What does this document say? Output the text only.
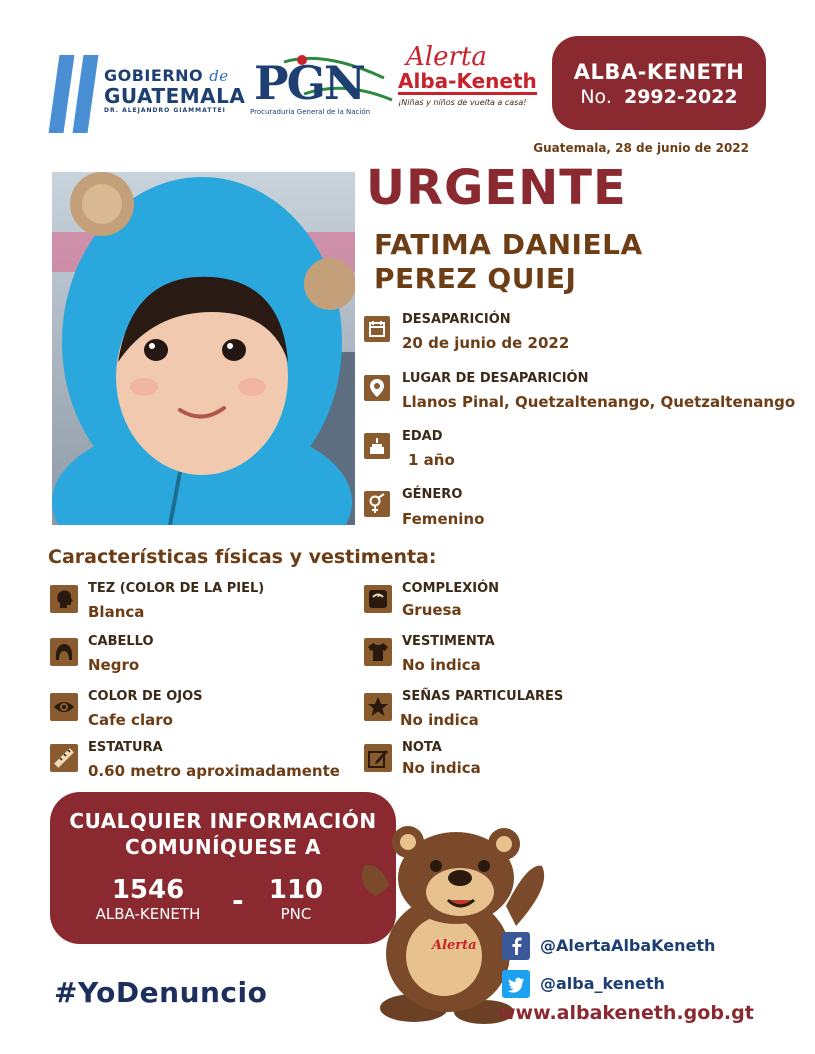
GOBIERNO de
GUATEMALA
DR. ALEJANDRO GIAMMATTEI
PGN
Procuraduría General de la Nación
Alerta
Alba-Keneth
¡Niñas y niños de vuelta a casa!
ALBA-KENETH
No. 2992-2022
Guatemala, 28 de junio de 2022
URGENTE
FATIMA DANIELA
PEREZ QUIEJ
DESAPARICIÓN
20 de junio de 2022
LUGAR DE DESAPARICIÓN
Llanos Pinal, Quetzaltenango, Quetzaltenango
EDAD
1 año
GÉNERO
Femenino
Características físicas y vestimenta:
TEZ (COLOR DE LA PIEL)
Blanca
CABELLO
Negro
COLOR DE OJOS
Cafe claro
ESTATURA
0.60 metro aproximadamente
COMPLEXIÓN
Gruesa
VESTIMENTA
No indica
SEÑAS PARTICULARES
No indica
NOTA
No indica
CUALQUIER INFORMACIÓN
COMUNÍQUESE A
1546
ALBA-KENETH	- 110
PNC
#YoDenuncio
Alerta	@AlertaAlbaKeneth
@alba_keneth
www.albakeneth.gob.gt
